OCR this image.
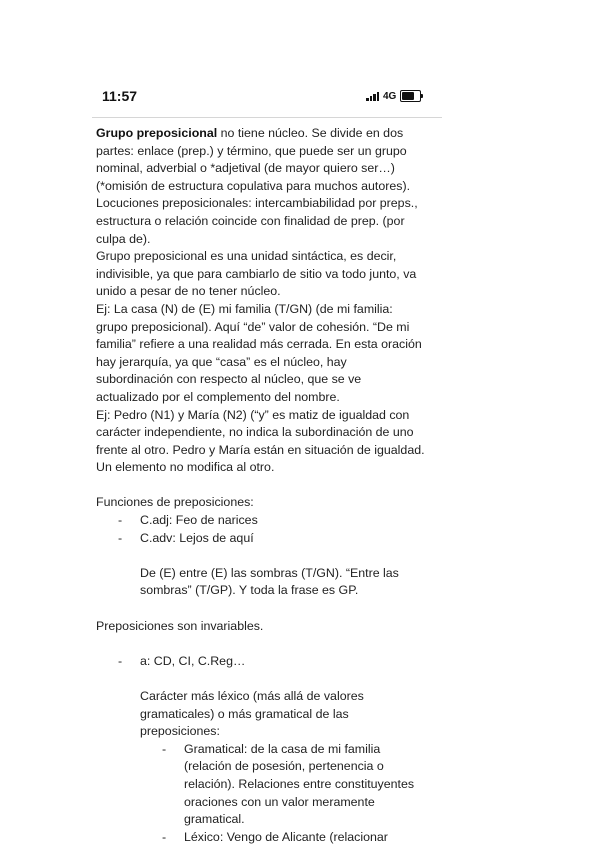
11:57	4G

Grupo preposicional no tiene núcleo. Se divide en dos partes: enlace (prep.) y término, que puede ser un grupo nominal, adverbial o *adjetival (de mayor quiero ser…) (*omisión de estructura copulativa para muchos autores).

Locuciones preposicionales: intercambiabilidad por preps., estructura o relación coincide con finalidad de prep. (por culpa de).

Grupo preposicional es una unidad sintáctica, es decir, indivisible, ya que para cambiarlo de sitio va todo junto, va unido a pesar de no tener núcleo.

Ej: La casa (N) de (E) mi familia (T/GN) (de mi familia: grupo preposicional). Aquí “de” valor de cohesión. “De mi familia” refiere a una realidad más cerrada. En esta oración hay jerarquía, ya que “casa” es el núcleo, hay subordinación con respecto al núcleo, que se ve actualizado por el complemento del nombre.

Ej: Pedro (N1) y María (N2) (“y” es matiz de igualdad con carácter independiente, no indica la subordinación de uno frente al otro. Pedro y María están en situación de igualdad. Un elemento no modifica al otro.

Funciones de preposiciones:

- C.adj: Feo de narices
- C.adv: Lejos de aquí

De (E) entre (E) las sombras (T/GN). “Entre las sombras” (T/GP). Y toda la frase es GP.

Preposiciones son invariables.

- a: CD, CI, C.Reg…

Carácter más léxico (más allá de valores gramaticales) o más gramatical de las preposiciones:

- Gramatical: de la casa de mi familia (relación de posesión, pertenencia o relación). Relaciones entre constituyentes oraciones con un valor meramente gramatical.
- Léxico: Vengo de Alicante (relacionar
